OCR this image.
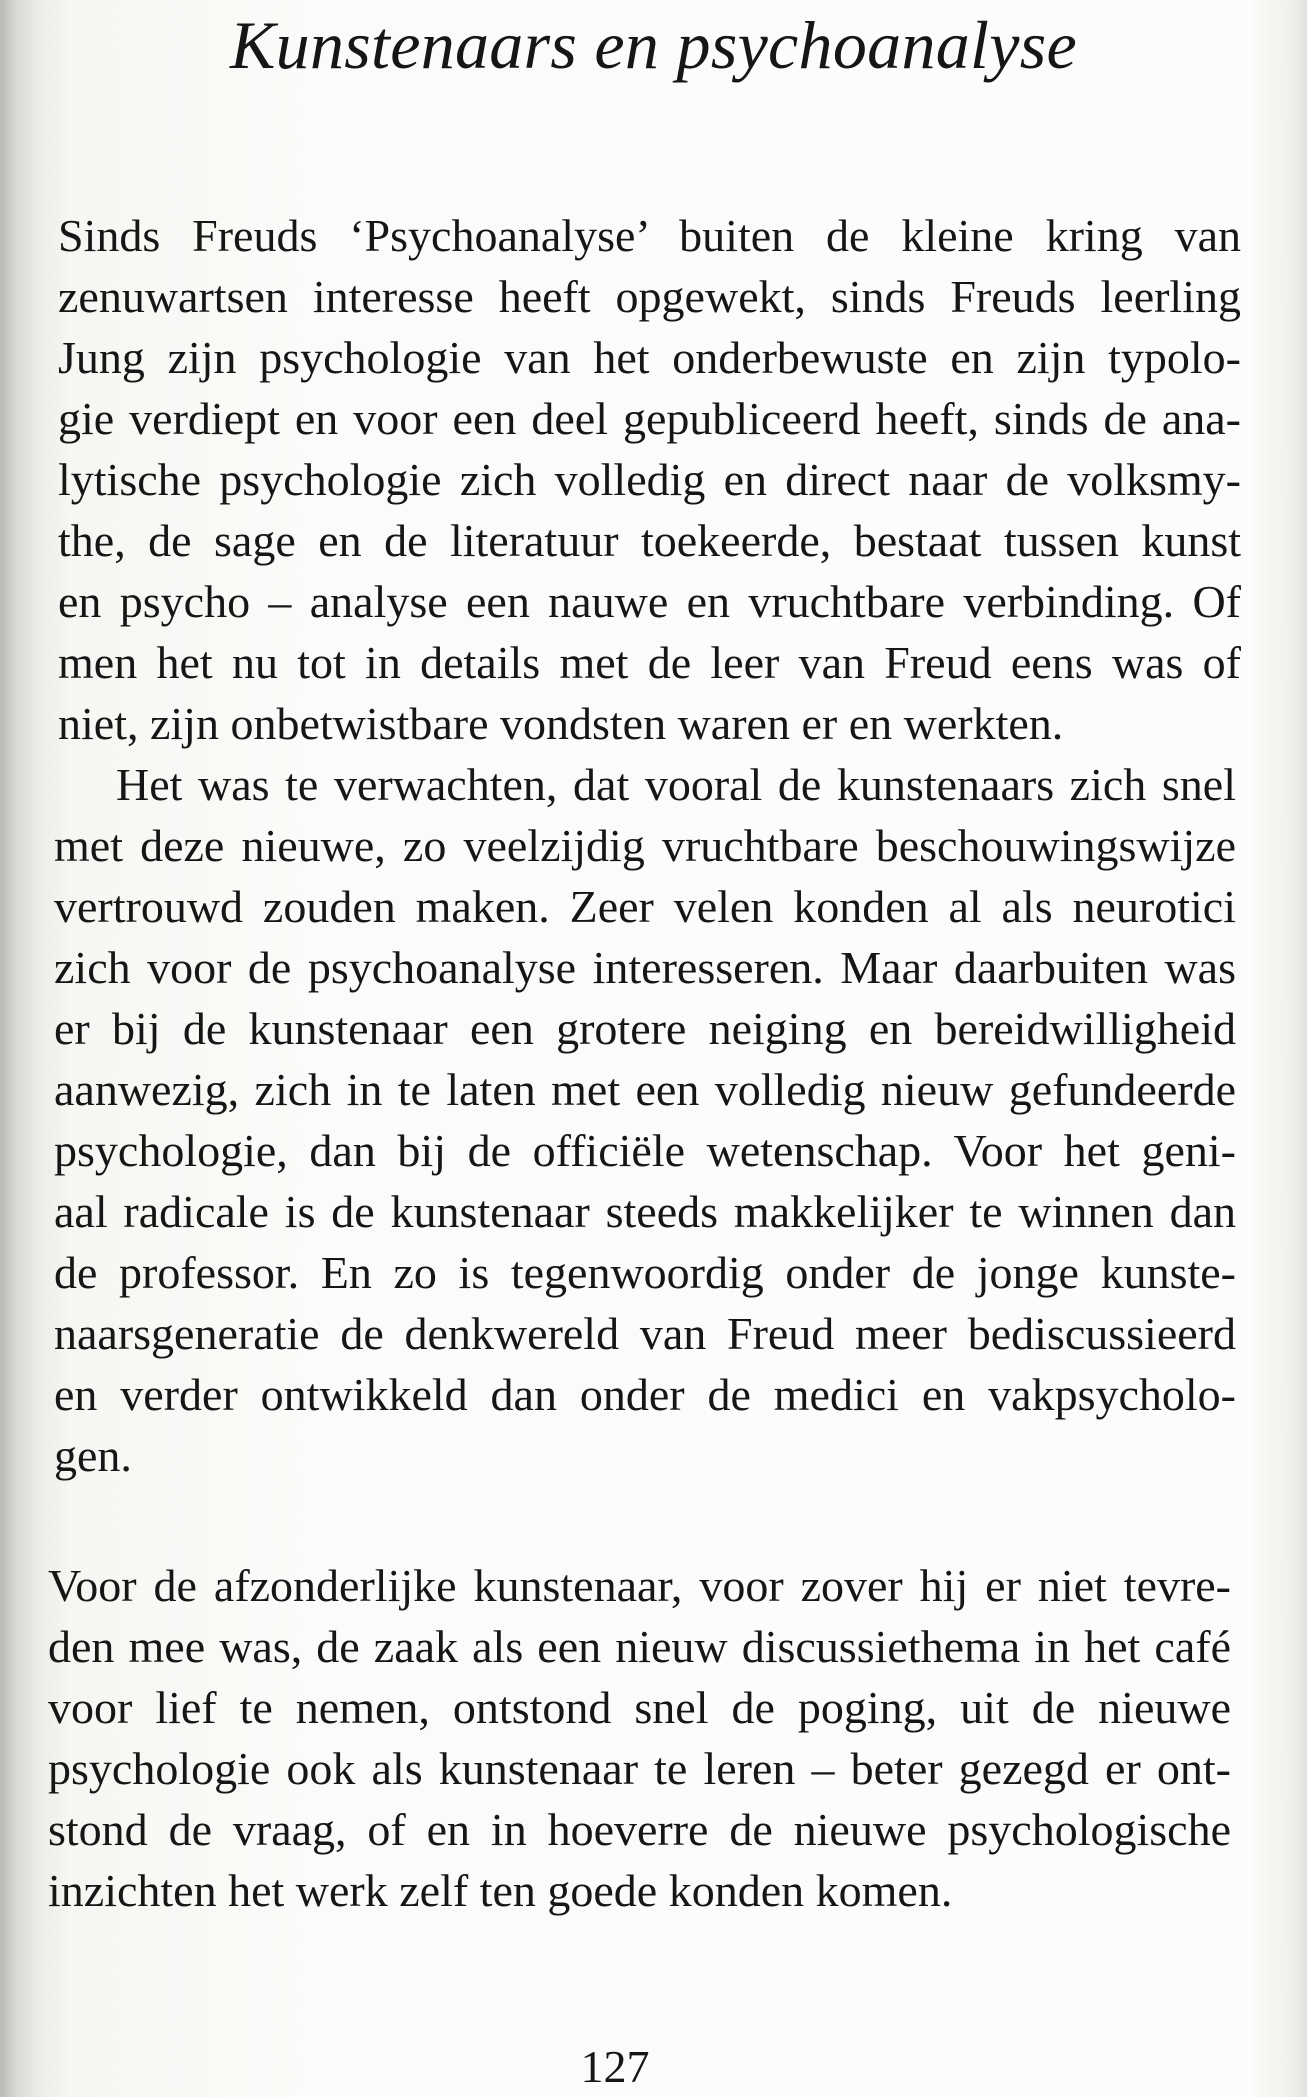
Kunstenaars en psychoanalyse
Sinds Freuds ‘Psychoanalyse’ buiten de kleine kring van
zenuwartsen interesse heeft opgewekt, sinds Freuds leerling
Jung zijn psychologie van het onderbewuste en zijn typolo-
gie verdiept en voor een deel gepubliceerd heeft, sinds de ana-
lytische psychologie zich volledig en direct naar de volksmy-
the, de sage en de literatuur toekeerde, bestaat tussen kunst
en psycho – analyse een nauwe en vruchtbare verbinding. Of
men het nu tot in details met de leer van Freud eens was of
niet, zijn onbetwistbare vondsten waren er en werkten.
Het was te verwachten, dat vooral de kunstenaars zich snel
met deze nieuwe, zo veelzijdig vruchtbare beschouwingswijze
vertrouwd zouden maken. Zeer velen konden al als neurotici
zich voor de psychoanalyse interesseren. Maar daarbuiten was
er bij de kunstenaar een grotere neiging en bereidwilligheid
aanwezig, zich in te laten met een volledig nieuw gefundeerde
psychologie, dan bij de officiële wetenschap. Voor het geni-
aal radicale is de kunstenaar steeds makkelijker te winnen dan
de professor. En zo is tegenwoordig onder de jonge kunste-
naarsgeneratie de denkwereld van Freud meer bediscussieerd
en verder ontwikkeld dan onder de medici en vakpsycholo-
gen.
Voor de afzonderlijke kunstenaar, voor zover hij er niet tevre-
den mee was, de zaak als een nieuw discussiethema in het café
voor lief te nemen, ontstond snel de poging, uit de nieuwe
psychologie ook als kunstenaar te leren – beter gezegd er ont-
stond de vraag, of en in hoeverre de nieuwe psychologische
inzichten het werk zelf ten goede konden komen.
127
